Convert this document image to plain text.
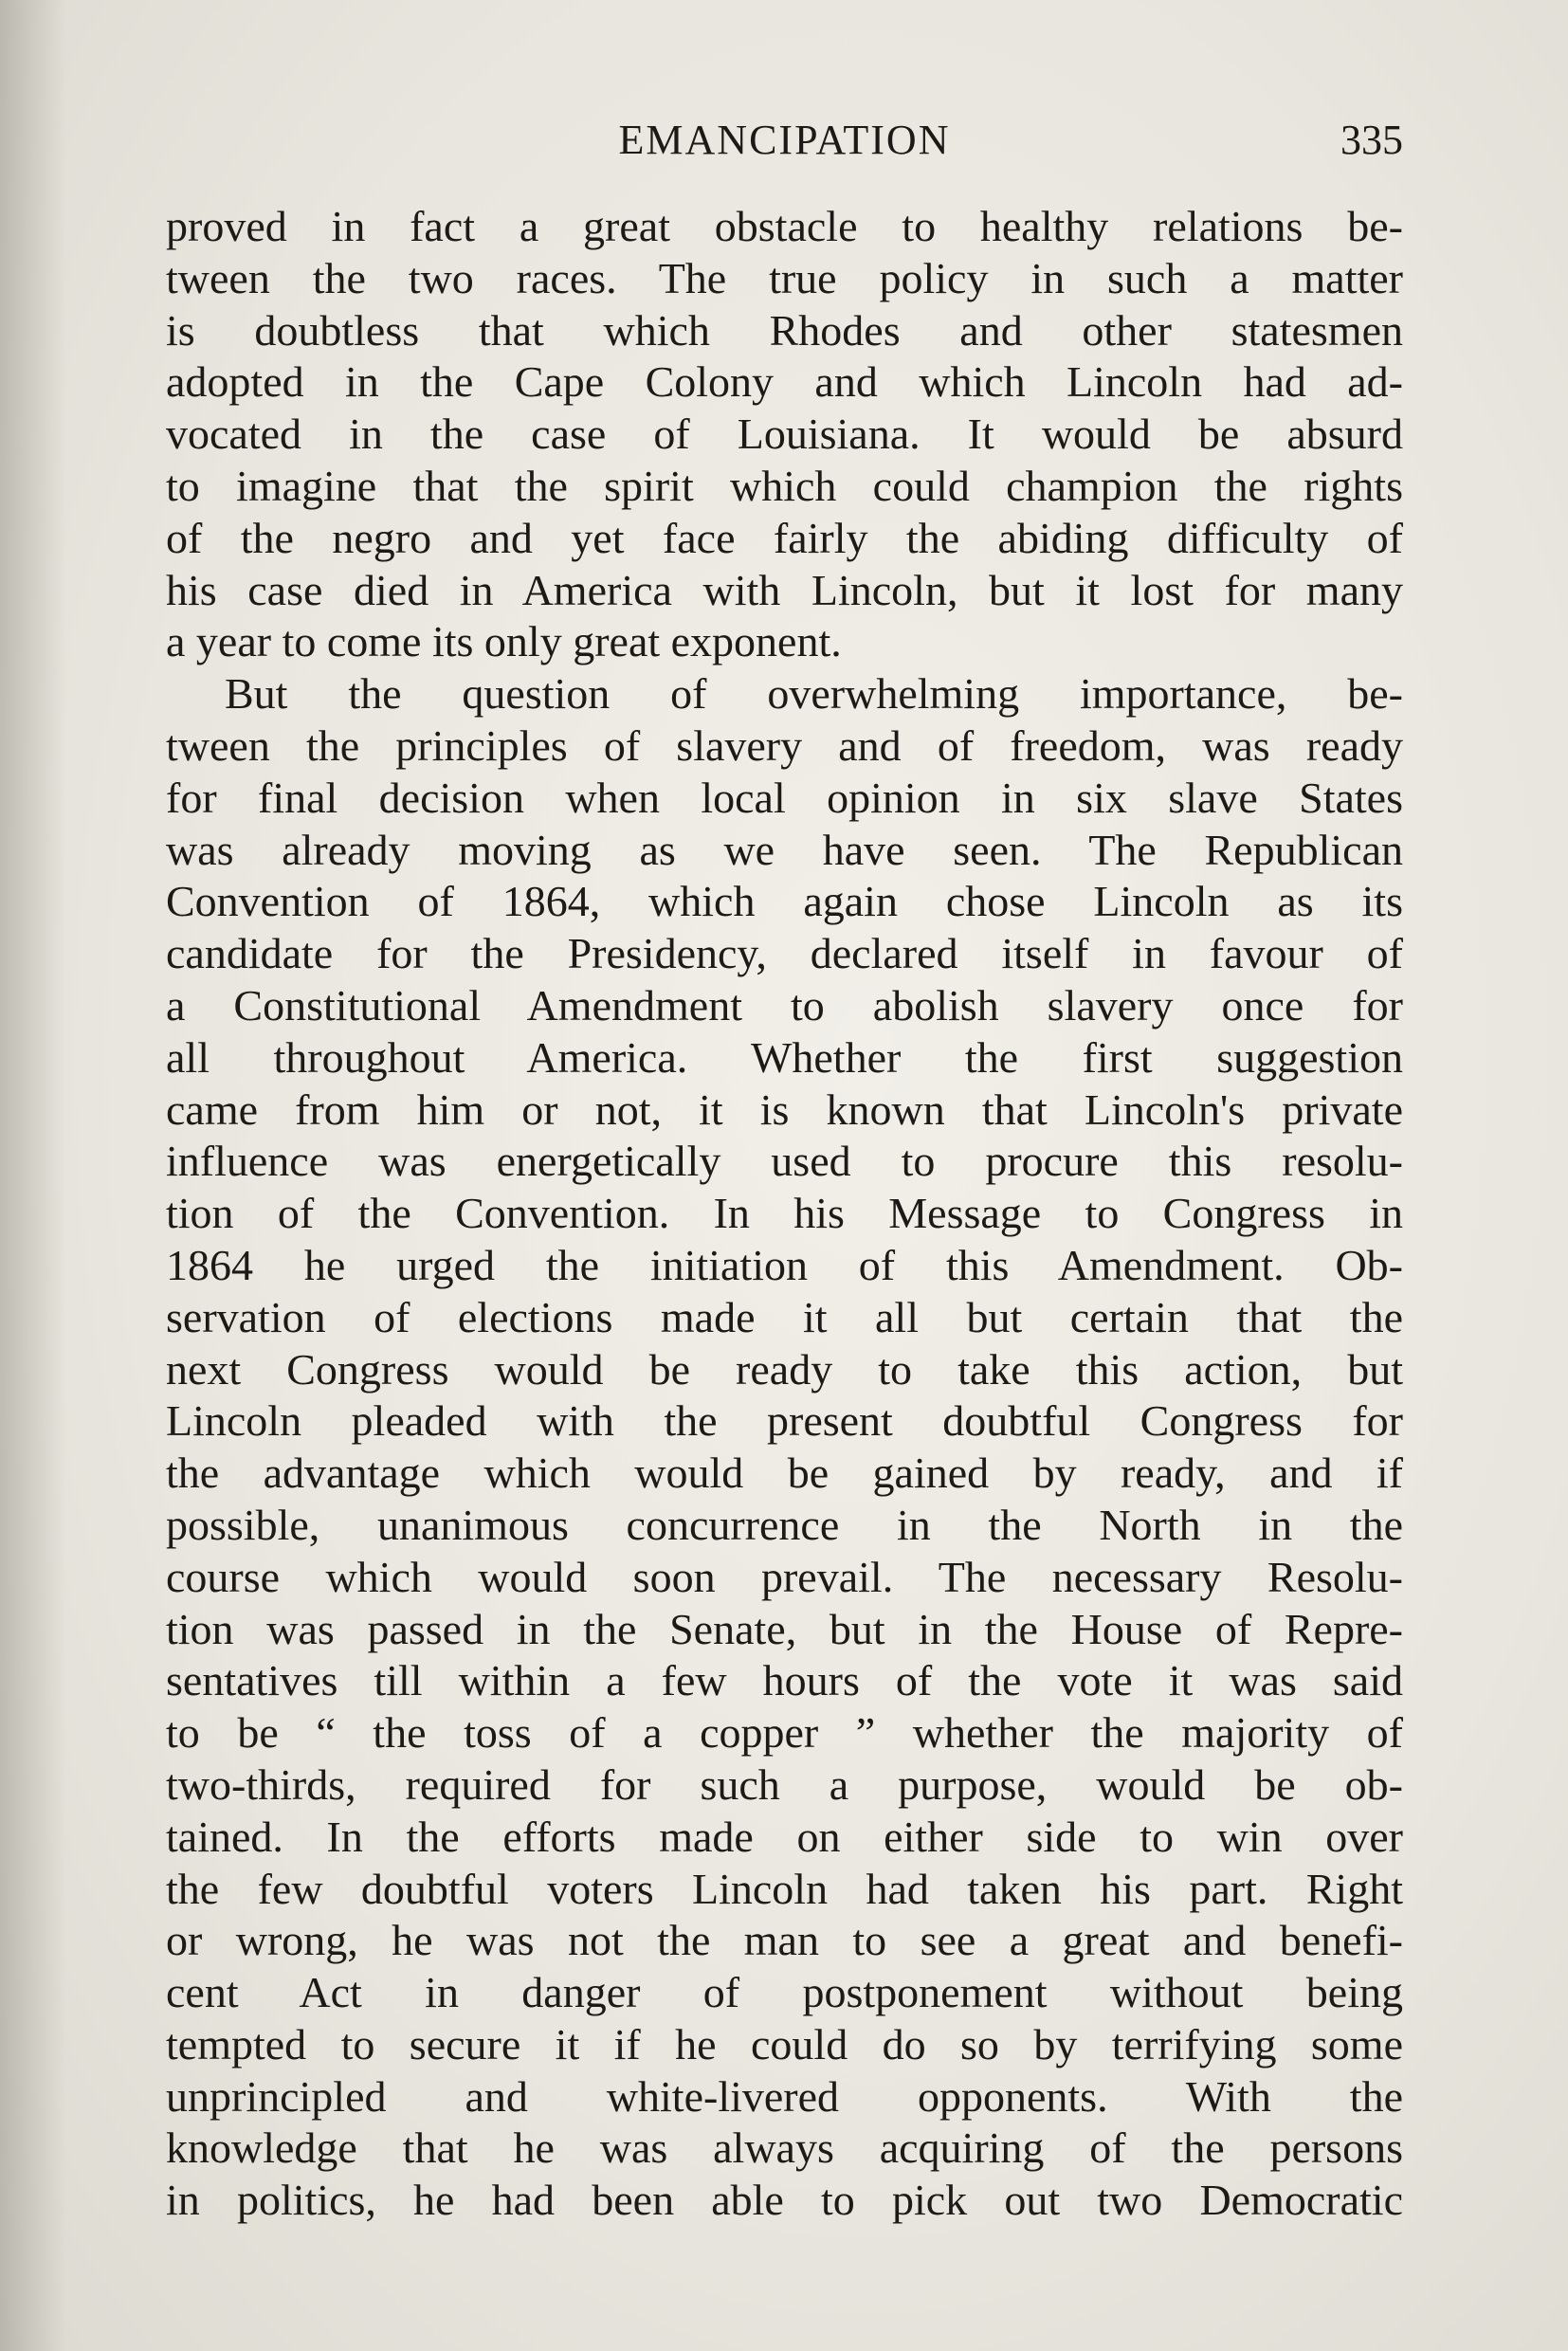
EMANCIPATION	335
proved in fact a great obstacle to healthy relations be-
tween the two races. The true policy in such a matter
is doubtless that which Rhodes and other statesmen
adopted in the Cape Colony and which Lincoln had ad-
vocated in the case of Louisiana. It would be absurd
to imagine that the spirit which could champion the rights
of the negro and yet face fairly the abiding difficulty of
his case died in America with Lincoln, but it lost for many
a year to come its only great exponent.
But the question of overwhelming importance, be-
tween the principles of slavery and of freedom, was ready
for final decision when local opinion in six slave States
was already moving as we have seen. The Republican
Convention of 1864, which again chose Lincoln as its
candidate for the Presidency, declared itself in favour of
a Constitutional Amendment to abolish slavery once for
all throughout America. Whether the first suggestion
came from him or not, it is known that Lincoln's private
influence was energetically used to procure this resolu-
tion of the Convention. In his Message to Congress in
1864 he urged the initiation of this Amendment. Ob-
servation of elections made it all but certain that the
next Congress would be ready to take this action, but
Lincoln pleaded with the present doubtful Congress for
the advantage which would be gained by ready, and if
possible, unanimous concurrence in the North in the
course which would soon prevail. The necessary Resolu-
tion was passed in the Senate, but in the House of Repre-
sentatives till within a few hours of the vote it was said
to be “ the toss of a copper ” whether the majority of
two-thirds, required for such a purpose, would be ob-
tained. In the efforts made on either side to win over
the few doubtful voters Lincoln had taken his part. Right
or wrong, he was not the man to see a great and benefi-
cent Act in danger of postponement without being
tempted to secure it if he could do so by terrifying some
unprincipled and white-livered opponents. With the
knowledge that he was always acquiring of the persons
in politics, he had been able to pick out two Democratic
